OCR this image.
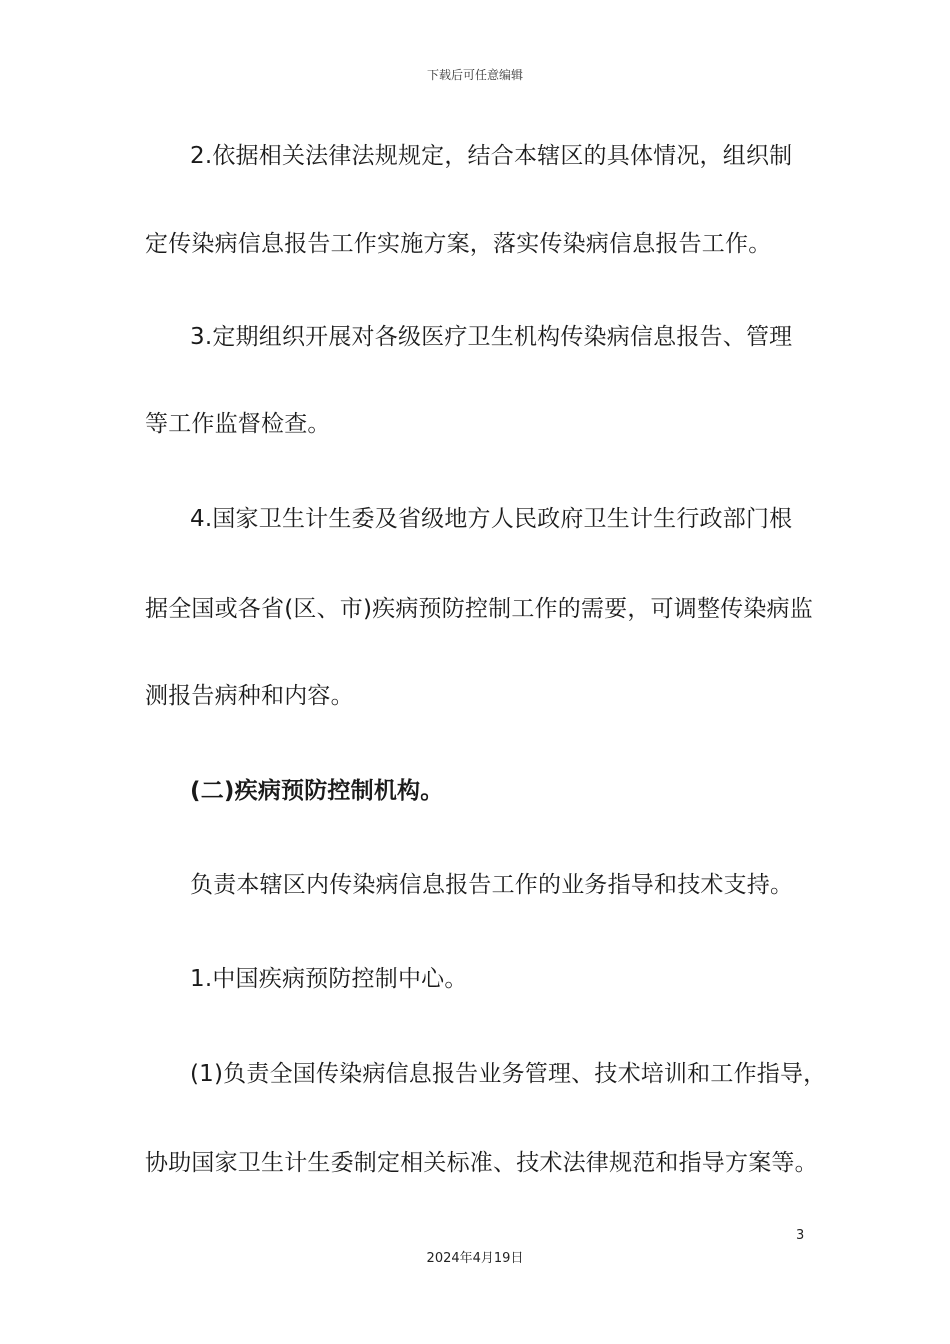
下载后可任意编辑
2.依据相关法律法规规定，结合本辖区的具体情况，组织制
定传染病信息报告工作实施方案，落实传染病信息报告工作。
3.定期组织开展对各级医疗卫生机构传染病信息报告、管理
等工作监督检查。
4.国家卫生计生委及省级地方人民政府卫生计生行政部门根
据全国或各省(区、市)疾病预防控制工作的需要，可调整传染病监
测报告病种和内容。
(二)疾病预防控制机构。
负责本辖区内传染病信息报告工作的业务指导和技术支持。
1.中国疾病预防控制中心。
(1)负责全国传染病信息报告业务管理、技术培训和工作指导，
协助国家卫生计生委制定相关标准、技术法律规范和指导方案等。
3
2024年4月19日
